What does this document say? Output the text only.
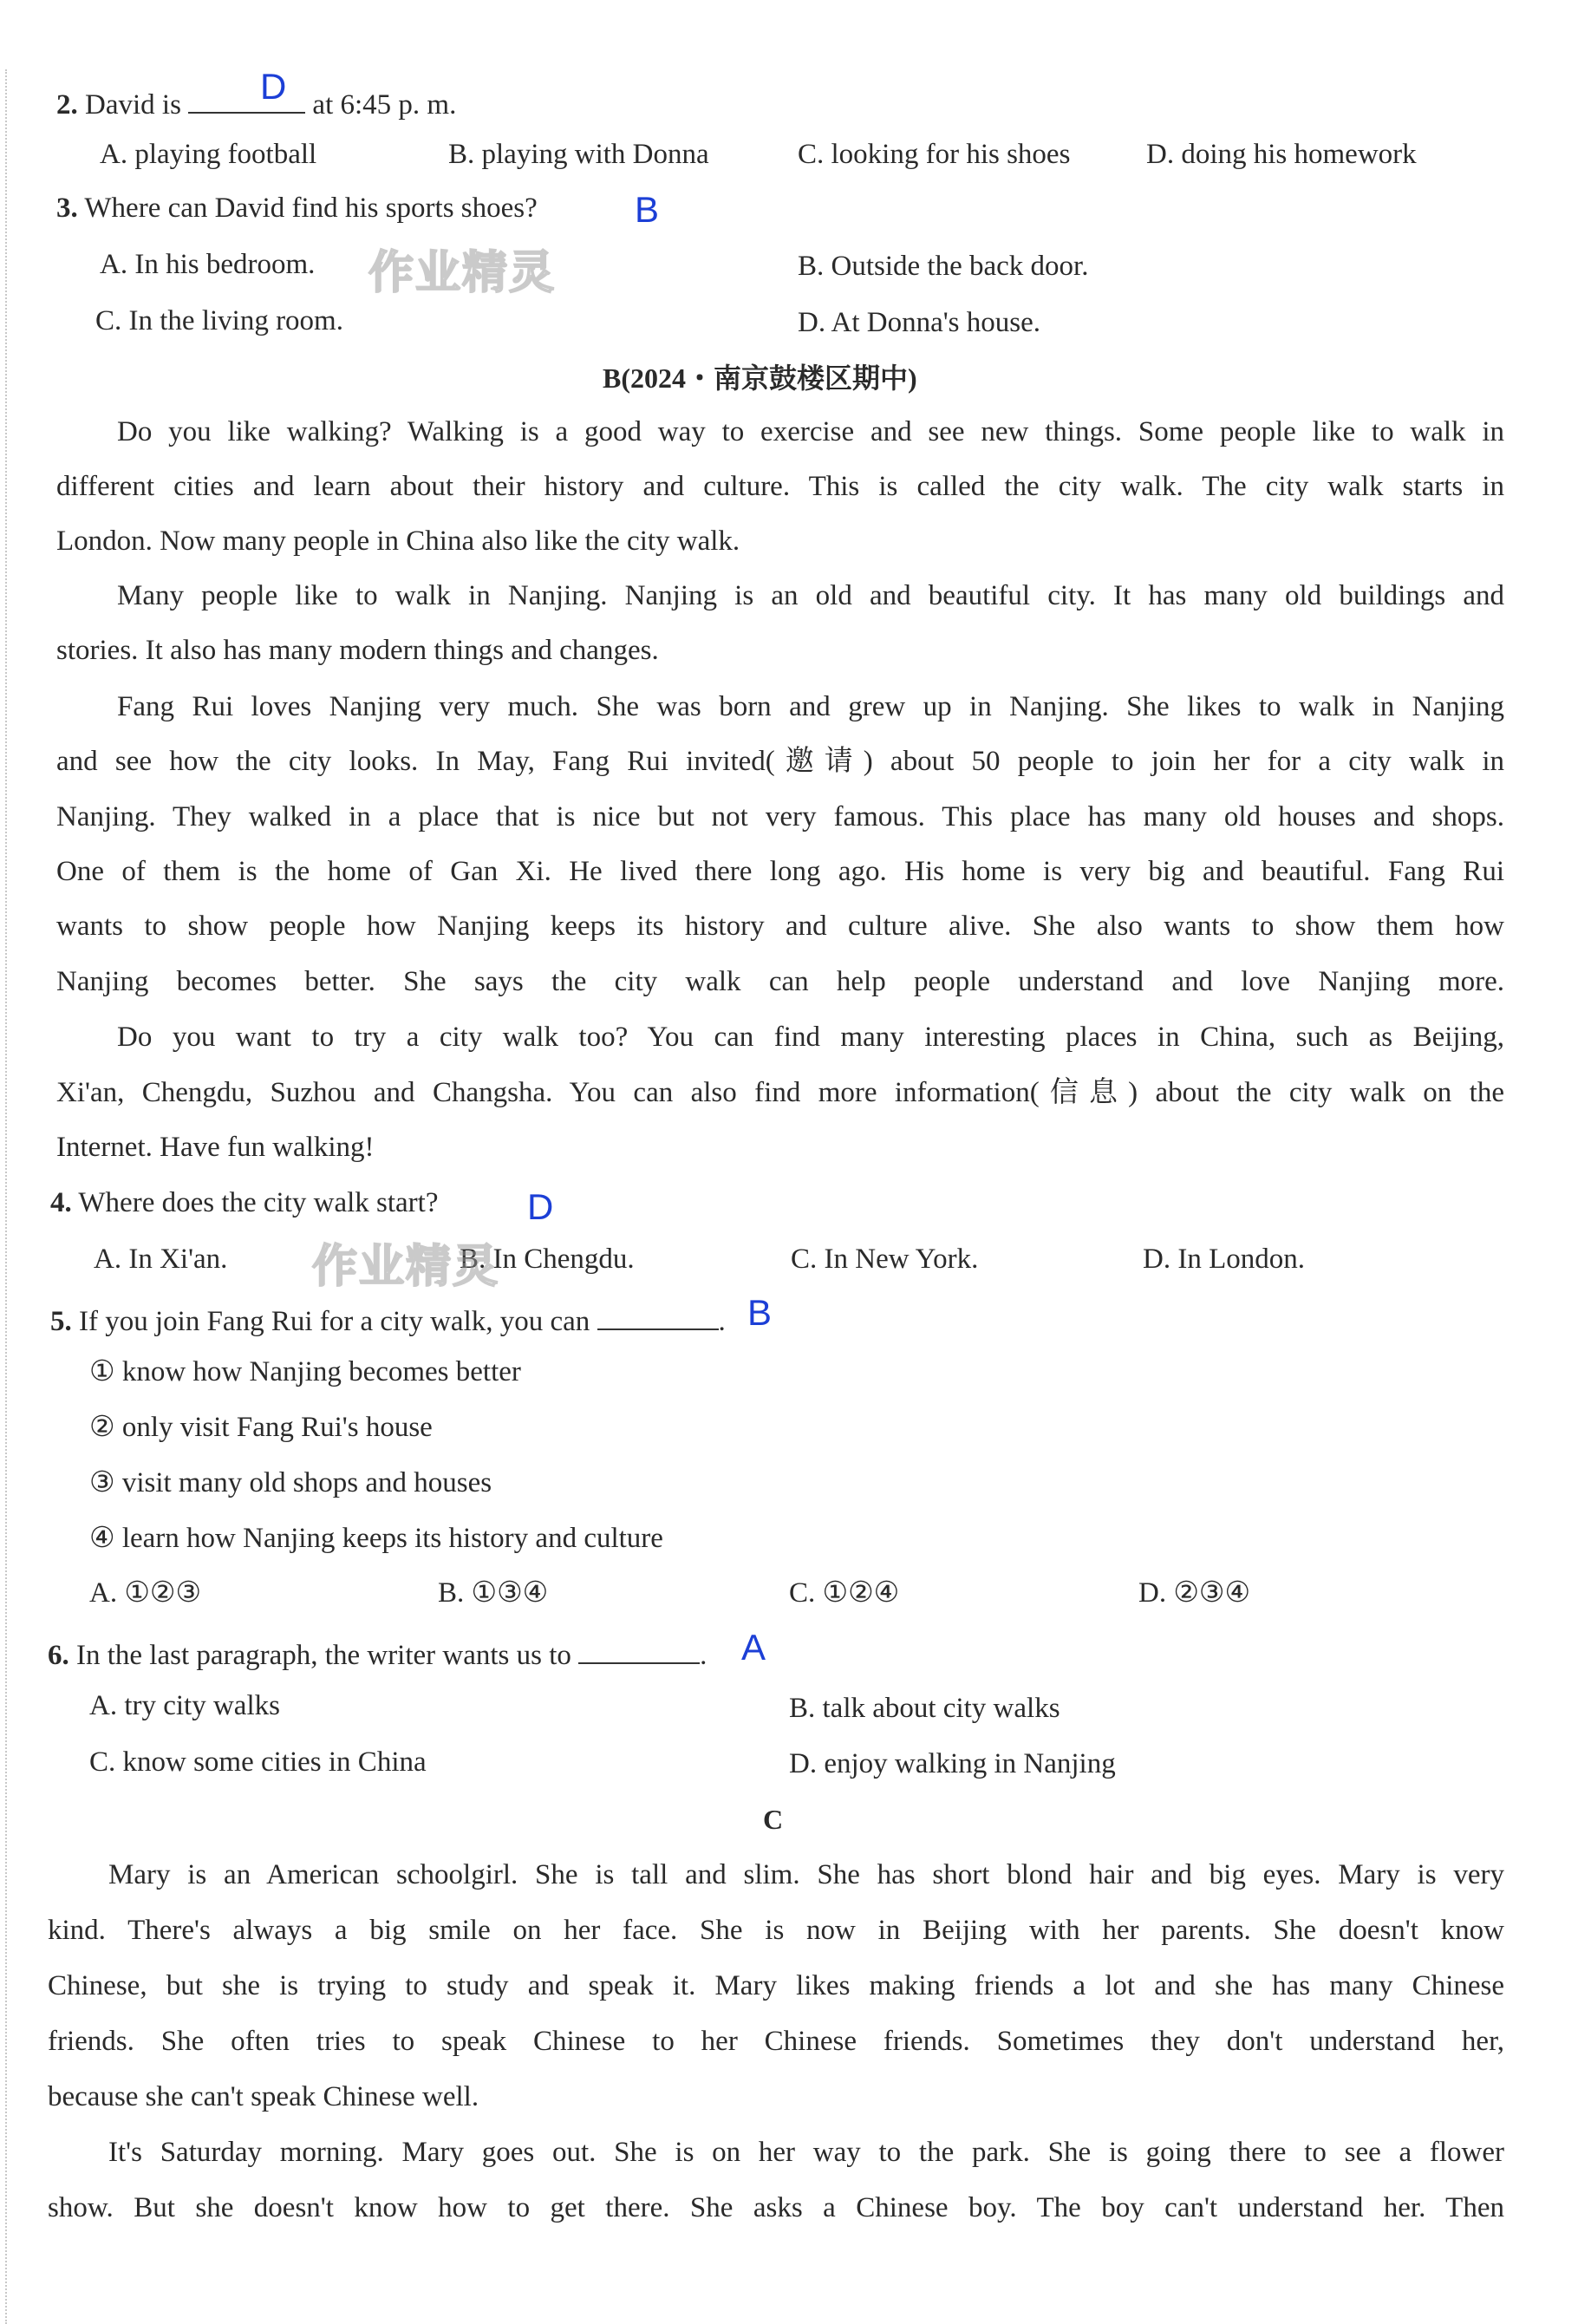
2. David is	at 6:45 p. m.
D
A. playing football	B. playing with Donna	C. looking for his shoes	D. doing his homework
3. Where can David find his sports shoes?	B
A. In his bedroom.	B. Outside the back door.
C. In the living room.	D. At Donna's house.
作业精灵
B(2024・南京鼓楼区期中)
Do you like walking? Walking is a good way to exercise and see new things. Some people like to walk in
different cities and learn about their history and culture. This is called the city walk. The city walk starts in
London. Now many people in China also like the city walk.
Many people like to walk in Nanjing. Nanjing is an old and beautiful city. It has many old buildings and
stories. It also has many modern things and changes.
Fang Rui loves Nanjing very much. She was born and grew up in Nanjing. She likes to walk in Nanjing
and see how the city looks. In May, Fang Rui invited(邀请) about 50 people to join her for a city walk in
Nanjing. They walked in a place that is nice but not very famous. This place has many old houses and shops.
One of them is the home of Gan Xi. He lived there long ago. His home is very big and beautiful. Fang Rui
wants to show people how Nanjing keeps its history and culture alive. She also wants to show them how
Nanjing becomes better. She says the city walk can help people understand and love Nanjing more.
Do you want to try a city walk too? You can find many interesting places in China, such as Beijing,
Xi'an, Chengdu, Suzhou and Changsha. You can also find more information(信息) about the city walk on the
Internet. Have fun walking!
4. Where does the city walk start? D
A. In Xi'an.	B. In Chengdu.	C. In New York.	D. In London.
作业精灵
5. If you join Fang Rui for a city walk, you can	. B
① know how Nanjing becomes better
② only visit Fang Rui's house
③ visit many old shops and houses
④ learn how Nanjing keeps its history and culture
A. ①②③	B. ①③④	C. ①②④	D. ②③④
6. In the last paragraph, the writer wants us to	. A
A. try city walks	B. talk about city walks
C. know some cities in China	D. enjoy walking in Nanjing
C
Mary is an American schoolgirl. She is tall and slim. She has short blond hair and big eyes. Mary is very
kind. There's always a big smile on her face. She is now in Beijing with her parents. She doesn't know
Chinese, but she is trying to study and speak it. Mary likes making friends a lot and she has many Chinese
friends. She often tries to speak Chinese to her Chinese friends. Sometimes they don't understand her,
because she can't speak Chinese well.
It's Saturday morning. Mary goes out. She is on her way to the park. She is going there to see a flower
show. But she doesn't know how to get there. She asks a Chinese boy. The boy can't understand her. Then
